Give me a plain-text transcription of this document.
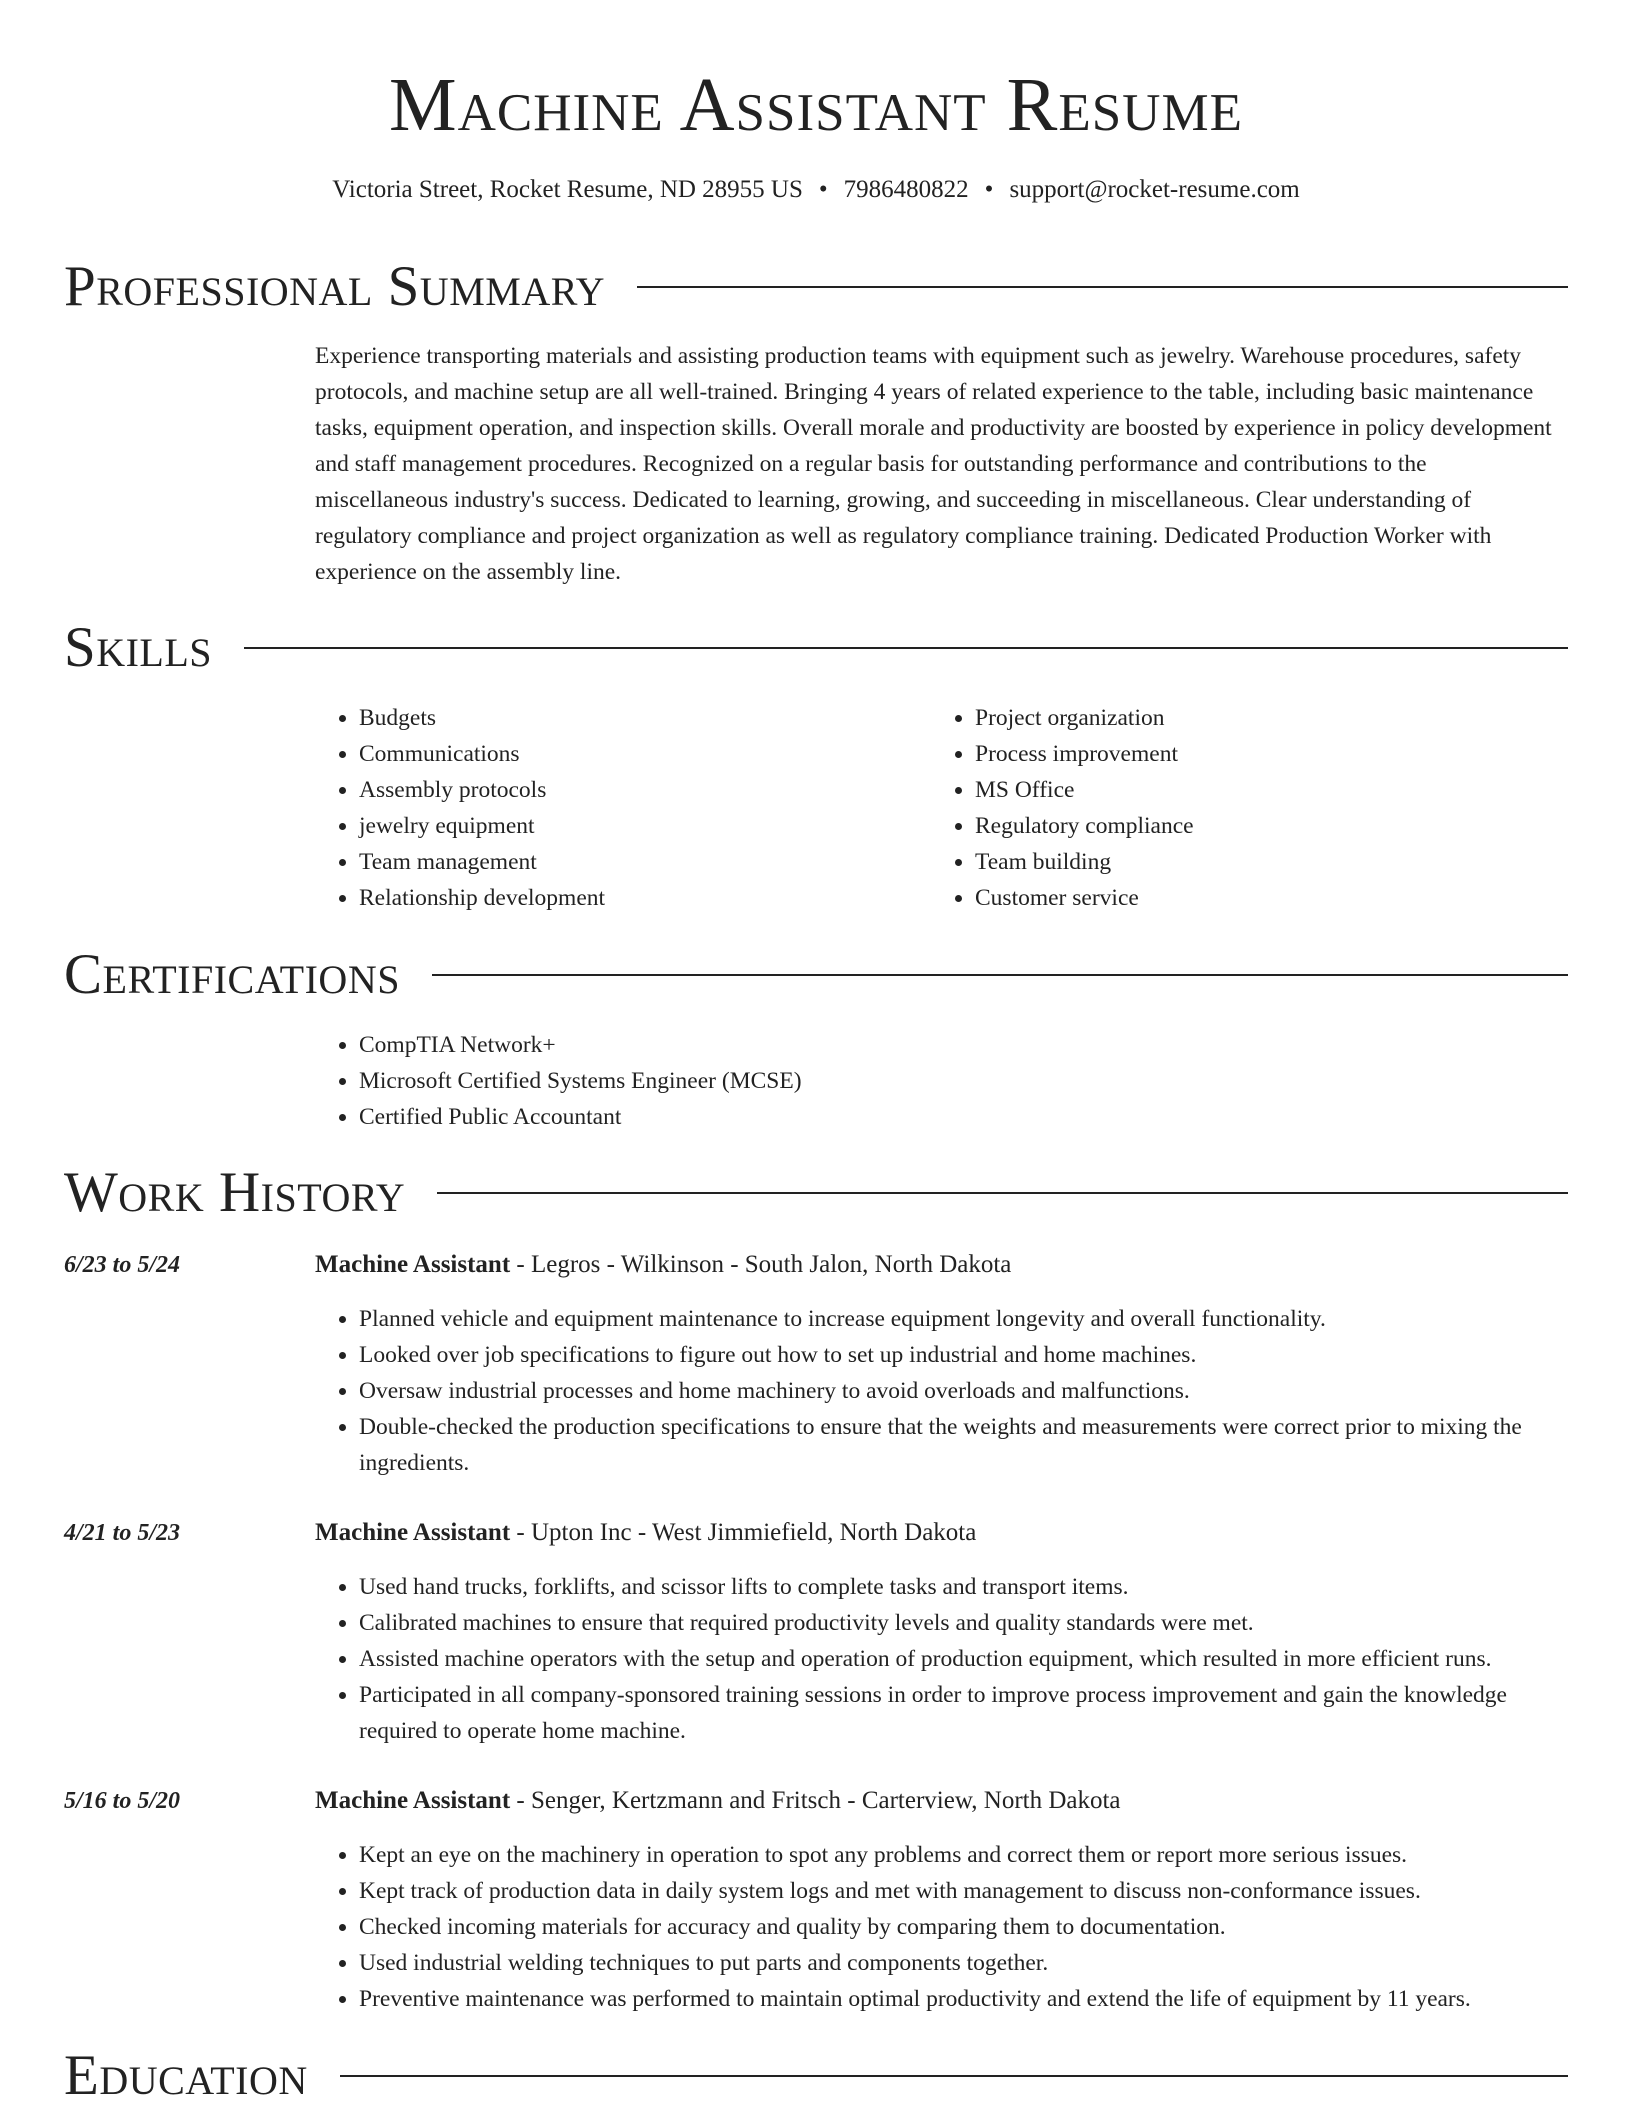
Machine Assistant Resume
Victoria Street, Rocket Resume, ND 28955 US • 7986480822 • support@rocket-resume.com
Professional Summary

Experience transporting materials and assisting production teams with equipment such as jewelry. Warehouse procedures, safety protocols, and machine setup are all well-trained. Bringing 4 years of related experience to the table, including basic maintenance tasks, equipment operation, and inspection skills. Overall morale and productivity are boosted by experience in policy development and staff management procedures. Recognized on a regular basis for outstanding performance and contributions to the miscellaneous industry's success. Dedicated to learning, growing, and succeeding in miscellaneous. Clear understanding of regulatory compliance and project organization as well as regulatory compliance training. Dedicated Production Worker with experience on the assembly line.

Skills
• Budgets
• Communications
• Assembly protocols
• jewelry equipment
• Team management
• Relationship development
• Project organization
• Process improvement
• MS Office
• Regulatory compliance
• Team building
• Customer service
Certifications
• CompTIA Network+
• Microsoft Certified Systems Engineer (MCSE)
• Certified Public Accountant
Work History
6/23 to 5/24	Machine Assistant - Legros - Wilkinson - South Jalon, North Dakota
• Planned vehicle and equipment maintenance to increase equipment longevity and overall functionality.
• Looked over job specifications to figure out how to set up industrial and home machines.
• Oversaw industrial processes and home machinery to avoid overloads and malfunctions.
• Double-checked the production specifications to ensure that the weights and measurements were correct prior to mixing the ingredients.
4/21 to 5/23	Machine Assistant - Upton Inc - West Jimmiefield, North Dakota
• Used hand trucks, forklifts, and scissor lifts to complete tasks and transport items.
• Calibrated machines to ensure that required productivity levels and quality standards were met.
• Assisted machine operators with the setup and operation of production equipment, which resulted in more efficient runs.
• Participated in all company-sponsored training sessions in order to improve process improvement and gain the knowledge required to operate home machine.
5/16 to 5/20	Machine Assistant - Senger, Kertzmann and Fritsch - Carterview, North Dakota
• Kept an eye on the machinery in operation to spot any problems and correct them or report more serious issues.
• Kept track of production data in daily system logs and met with management to discuss non-conformance issues.
• Checked incoming materials for accuracy and quality by comparing them to documentation.
• Used industrial welding techniques to put parts and components together.
• Preventive maintenance was performed to maintain optimal productivity and extend the life of equipment by 11 years.
Education
